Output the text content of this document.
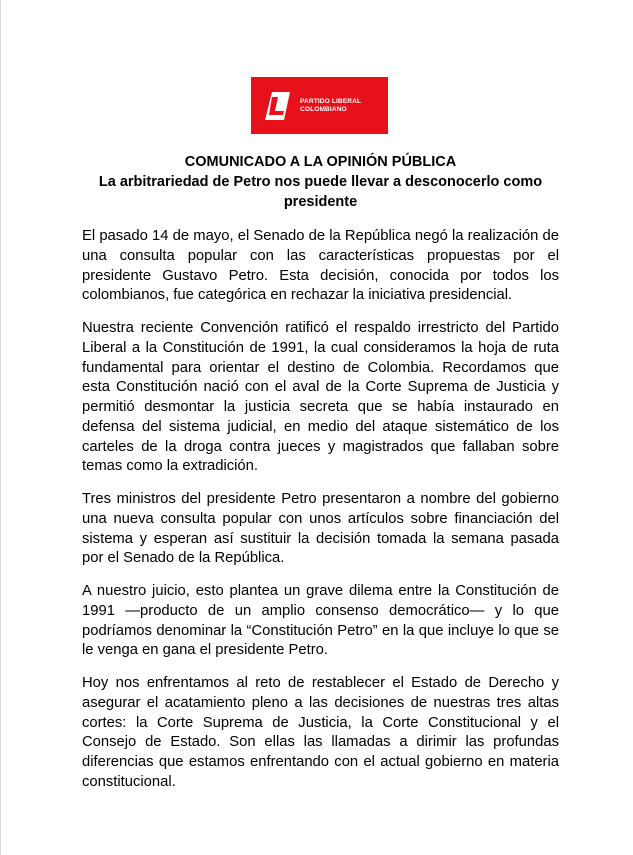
PARTIDO LIBERAL
COLOMBIANO
COMUNICADO A LA OPINIÓN PÚBLICA
La arbitrariedad de Petro nos puede llevar a desconocerlo como presidente

El pasado 14 de mayo, el Senado de la República negó la realización de una consulta popular con las características propuestas por el presidente Gustavo Petro. Esta decisión, conocida por todos los colombianos, fue categórica en rechazar la iniciativa presidencial.

Nuestra reciente Convención ratificó el respaldo irrestricto del Partido Liberal a la Constitución de 1991, la cual consideramos la hoja de ruta fundamental para orientar el destino de Colombia. Recordamos que esta Constitución nació con el aval de la Corte Suprema de Justicia y permitió desmontar la justicia secreta que se había instaurado en defensa del sistema judicial, en medio del ataque sistemático de los carteles de la droga contra jueces y magistrados que fallaban sobre temas como la extradición.

Tres ministros del presidente Petro presentaron a nombre del gobierno una nueva consulta popular con unos artículos sobre financiación del sistema y esperan así sustituir la decisión tomada la semana pasada por el Senado de la República.

A nuestro juicio, esto plantea un grave dilema entre la Constitución de 1991 —producto de un amplio consenso democrático— y lo que podríamos denominar la “Constitución Petro” en la que incluye lo que se le venga en gana el presidente Petro.

Hoy nos enfrentamos al reto de restablecer el Estado de Derecho y asegurar el acatamiento pleno a las decisiones de nuestras tres altas cortes: la Corte Suprema de Justicia, la Corte Constitucional y el Consejo de Estado. Son ellas las llamadas a dirimir las profundas diferencias que estamos enfrentando con el actual gobierno en materia constitucional.
